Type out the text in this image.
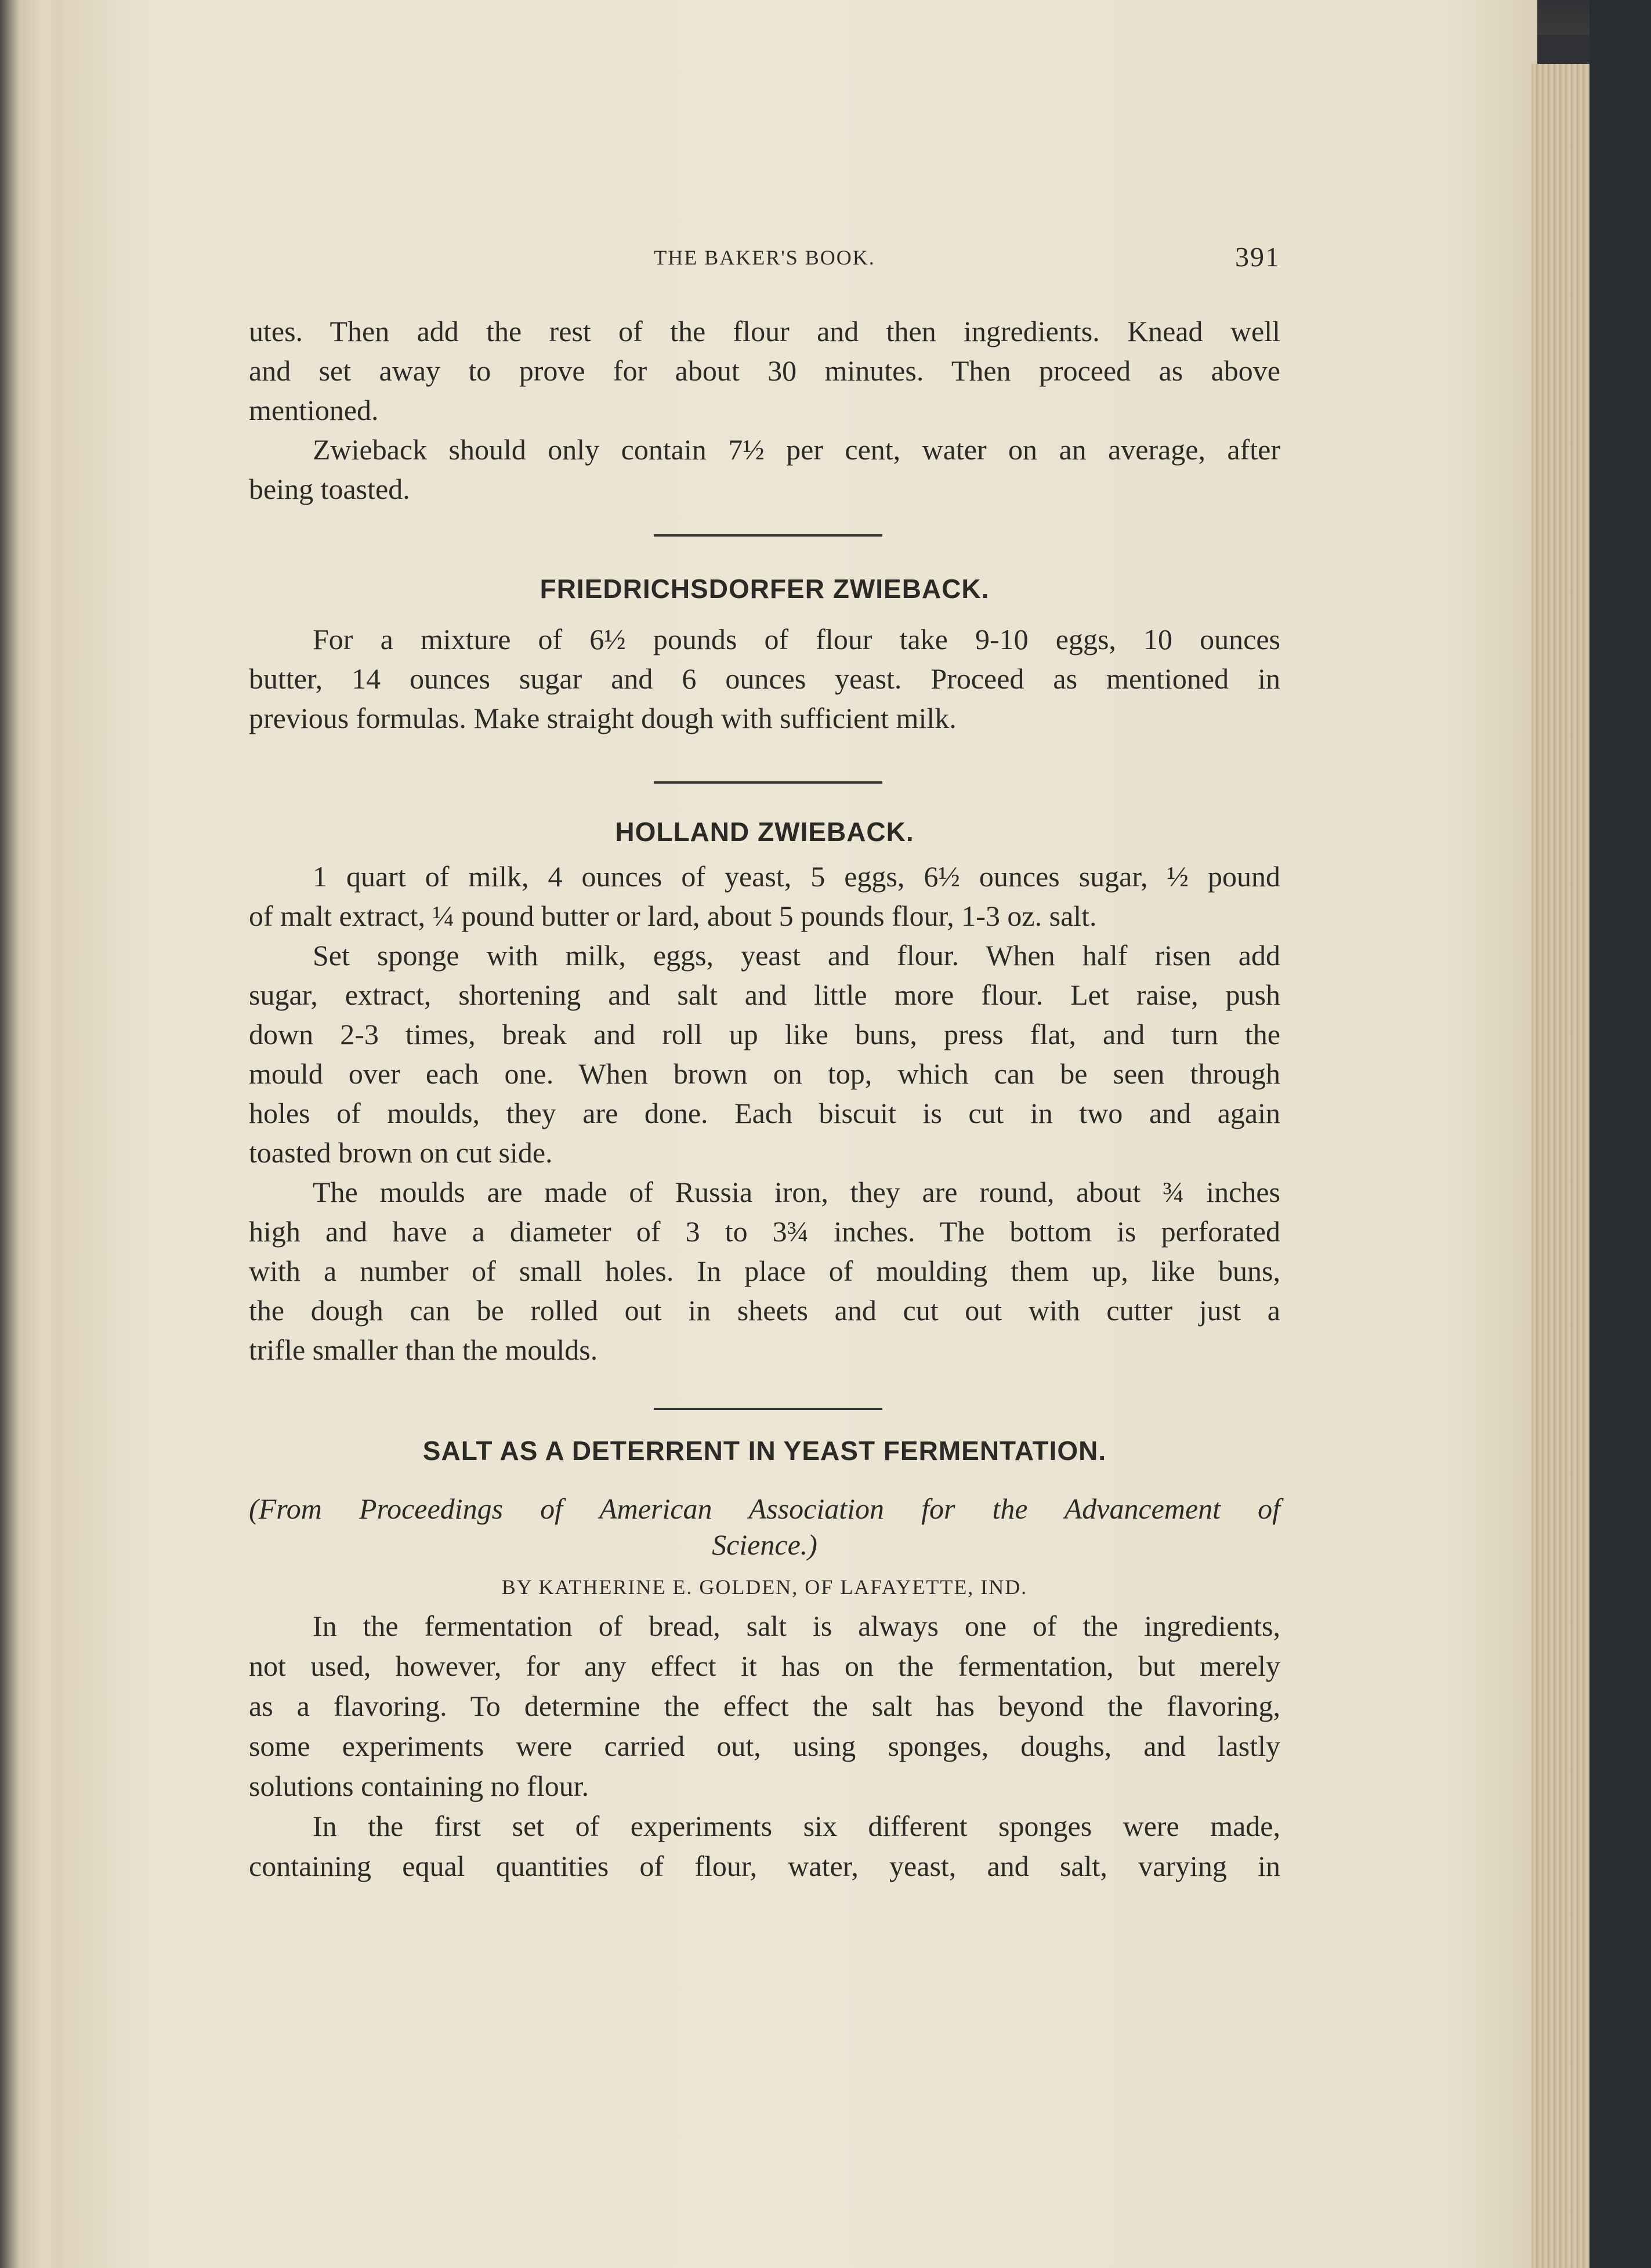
THE BAKER'S BOOK.	391
utes. Then add the rest of the flour and then ingredients. Knead well
and set away to prove for about 30 minutes. Then proceed as above
mentioned.
Zwieback should only contain 7½ per cent, water on an average, after
being toasted.
FRIEDRICHSDORFER ZWIEBACK.
For a mixture of 6½ pounds of flour take 9-10 eggs, 10 ounces
butter, 14 ounces sugar and 6 ounces yeast. Proceed as mentioned in
previous formulas. Make straight dough with sufficient milk.
HOLLAND ZWIEBACK.
1 quart of milk, 4 ounces of yeast, 5 eggs, 6½ ounces sugar, ½ pound
of malt extract, ¼ pound butter or lard, about 5 pounds flour, 1-3 oz. salt.
Set sponge with milk, eggs, yeast and flour. When half risen add
sugar, extract, shortening and salt and little more flour. Let raise, push
down 2-3 times, break and roll up like buns, press flat, and turn the
mould over each one. When brown on top, which can be seen through
holes of moulds, they are done. Each biscuit is cut in two and again
toasted brown on cut side.
The moulds are made of Russia iron, they are round, about ¾ inches
high and have a diameter of 3 to 3¾ inches. The bottom is perforated
with a number of small holes. In place of moulding them up, like buns,
the dough can be rolled out in sheets and cut out with cutter just a
trifle smaller than the moulds.
SALT AS A DETERRENT IN YEAST FERMENTATION.
(From Proceedings of American Association for the Advancement of
Science.)
BY KATHERINE E. GOLDEN, OF LAFAYETTE, IND.
In the fermentation of bread, salt is always one of the ingredients,
not used, however, for any effect it has on the fermentation, but merely
as a flavoring. To determine the effect the salt has beyond the flavoring,
some experiments were carried out, using sponges, doughs, and lastly
solutions containing no flour.
In the first set of experiments six different sponges were made,
containing equal quantities of flour, water, yeast, and salt, varying in
